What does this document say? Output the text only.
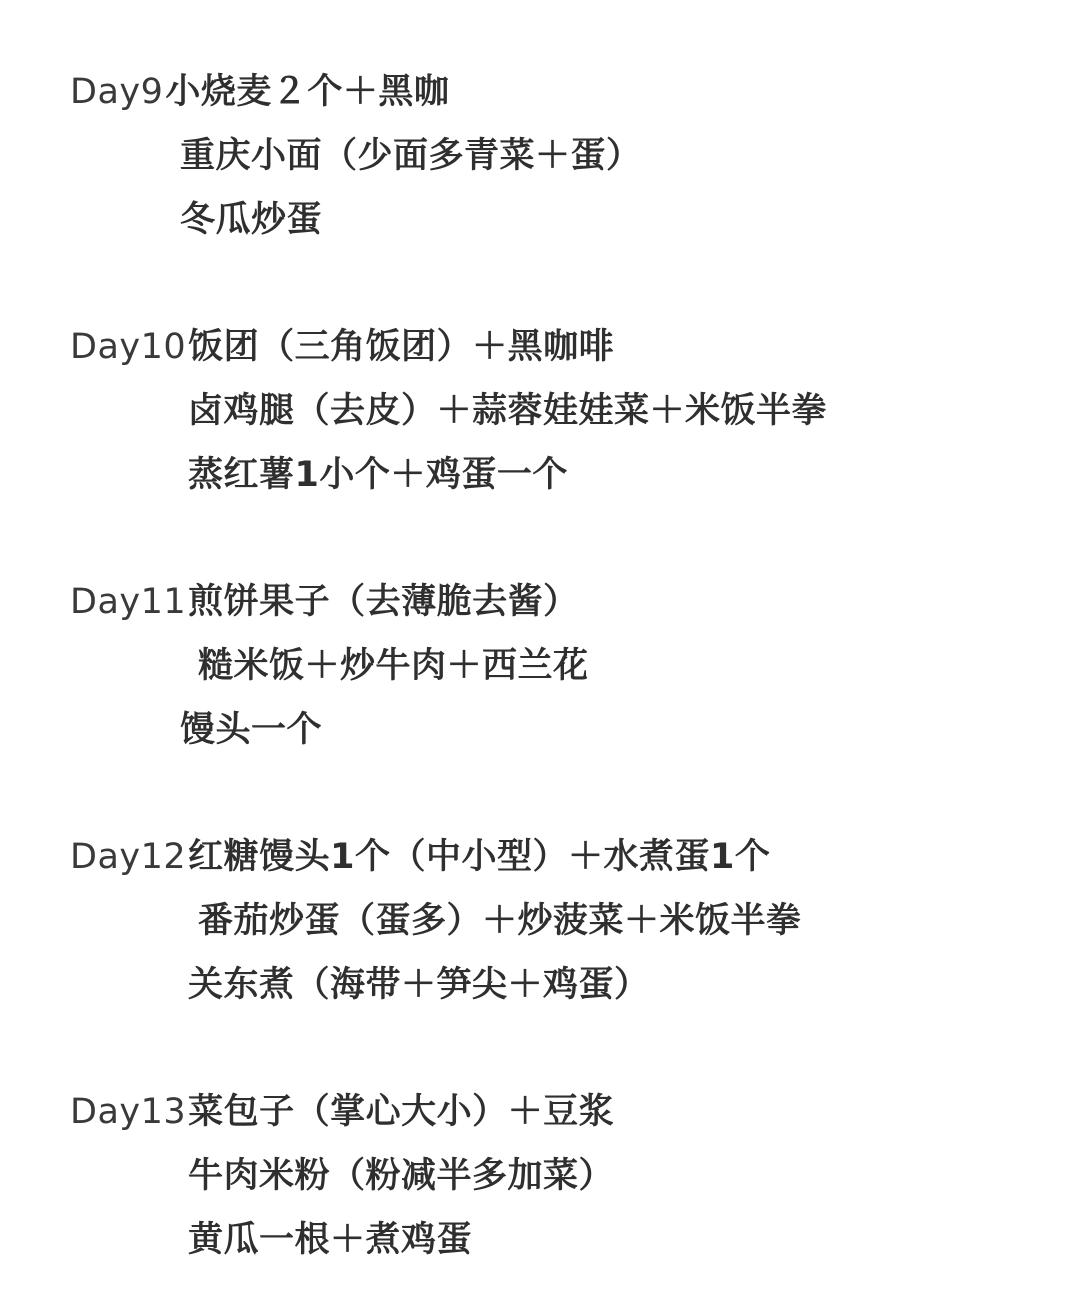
Day9小烧麦２个＋黑咖
重庆小面（少面多青菜＋蛋）
冬瓜炒蛋
Day10饭团（三角饭团）＋黑咖啡
卤鸡腿（去皮）＋蒜蓉娃娃菜＋米饭半拳
蒸红薯1小个＋鸡蛋一个
Day11煎饼果子（去薄脆去酱）
糙米饭＋炒牛肉＋西兰花
馒头一个
Day12红糖馒头1个（中小型）＋水煮蛋1个
番茄炒蛋（蛋多）＋炒菠菜＋米饭半拳
关东煮（海带＋笋尖＋鸡蛋）
Day13菜包子（掌心大小）＋豆浆
牛肉米粉（粉减半多加菜）
黄瓜一根＋煮鸡蛋
